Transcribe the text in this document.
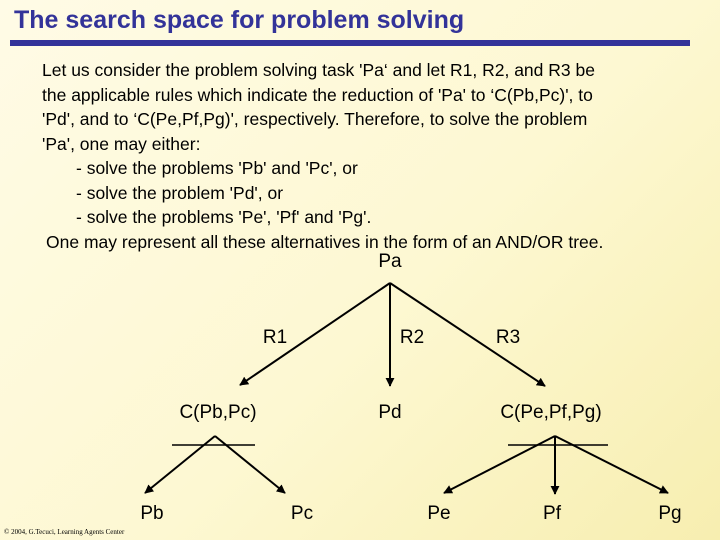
The search space for problem solving
Let us consider the problem solving task 'Pa‘ and let R1, R2, and R3 be
the applicable rules which indicate the reduction of 'Pa' to ‘C(Pb,Pc)', to
'Pd', and to ‘C(Pe,Pf,Pg)', respectively. Therefore, to solve the problem
'Pa', one may either:
- solve the problems 'Pb' and 'Pc', or
- solve the problem 'Pd', or
- solve the problems 'Pe', 'Pf' and 'Pg'.
One may represent all these alternatives in the form of an AND/OR tree.
Pa
R1	R2	R3
C(Pb,Pc)	Pd	C(Pe,Pf,Pg)
Pb	Pc	Pe	Pf	Pg
© 2004, G.Tecuci, Learning Agents Center
